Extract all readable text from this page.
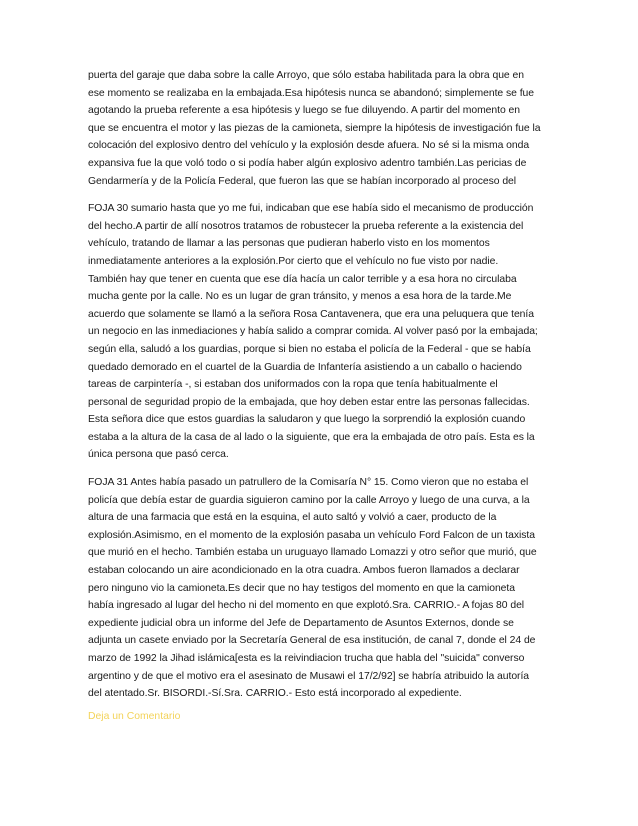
puerta del garaje que daba sobre la calle Arroyo, que sólo estaba habilitada para la obra que en
ese momento se realizaba en la embajada.Esa hipótesis nunca se abandonó; simplemente se fue
agotando la prueba referente a esa hipótesis y luego se fue diluyendo. A partir del momento en
que se encuentra el motor y las piezas de la camioneta, siempre la hipótesis de investigación fue la
colocación del explosivo dentro del vehículo y la explosión desde afuera. No sé si la misma onda
expansiva fue la que voló todo o si podía haber algún explosivo adentro también.Las pericias de
Gendarmería y de la Policía Federal, que fueron las que se habían incorporado al proceso del

FOJA 30 sumario hasta que yo me fui, indicaban que ese había sido el mecanismo de producción
del hecho.A partir de allí nosotros tratamos de robustecer la prueba referente a la existencia del
vehículo, tratando de llamar a las personas que pudieran haberlo visto en los momentos
inmediatamente anteriores a la explosión.Por cierto que el vehículo no fue visto por nadie.
También hay que tener en cuenta que ese día hacía un calor terrible y a esa hora no circulaba
mucha gente por la calle. No es un lugar de gran tránsito, y menos a esa hora de la tarde.Me
acuerdo que solamente se llamó a la señora Rosa Cantavenera, que era una peluquera que tenía
un negocio en las inmediaciones y había salido a comprar comida. Al volver pasó por la embajada;
según ella, saludó a los guardias, porque si bien no estaba el policía de la Federal - que se había
quedado demorado en el cuartel de la Guardia de Infantería asistiendo a un caballo o haciendo
tareas de carpintería -, si estaban dos uniformados con la ropa que tenía habitualmente el
personal de seguridad propio de la embajada, que hoy deben estar entre las personas fallecidas.
Esta señora dice que estos guardias la saludaron y que luego la sorprendió la explosión cuando
estaba a la altura de la casa de al lado o la siguiente, que era la embajada de otro país. Esta es la
única persona que pasó cerca.

FOJA 31 Antes había pasado un patrullero de la Comisaría N° 15. Como vieron que no estaba el
policía que debía estar de guardia siguieron camino por la calle Arroyo y luego de una curva, a la
altura de una farmacia que está en la esquina, el auto saltó y volvió a caer, producto de la
explosión.Asimismo, en el momento de la explosión pasaba un vehículo Ford Falcon de un taxista
que murió en el hecho. También estaba un uruguayo llamado Lomazzi y otro señor que murió, que
estaban colocando un aire acondicionado en la otra cuadra. Ambos fueron llamados a declarar
pero ninguno vio la camioneta.Es decir que no hay testigos del momento en que la camioneta
había ingresado al lugar del hecho ni del momento en que explotó.Sra. CARRIO.- A fojas 80 del
expediente judicial obra un informe del Jefe de Departamento de Asuntos Externos, donde se
adjunta un casete enviado por la Secretaría General de esa institución, de canal 7, donde el 24 de
marzo de 1992 la Jihad islámica[esta es la reivindiacion trucha que habla del "suicida" converso
argentino y de que el motivo era el asesinato de Musawi el 17/2/92] se habría atribuido la autoría
del atentado.Sr. BISORDI.-Sí.Sra. CARRIO.- Esto está incorporado al expediente.

Deja un Comentario
